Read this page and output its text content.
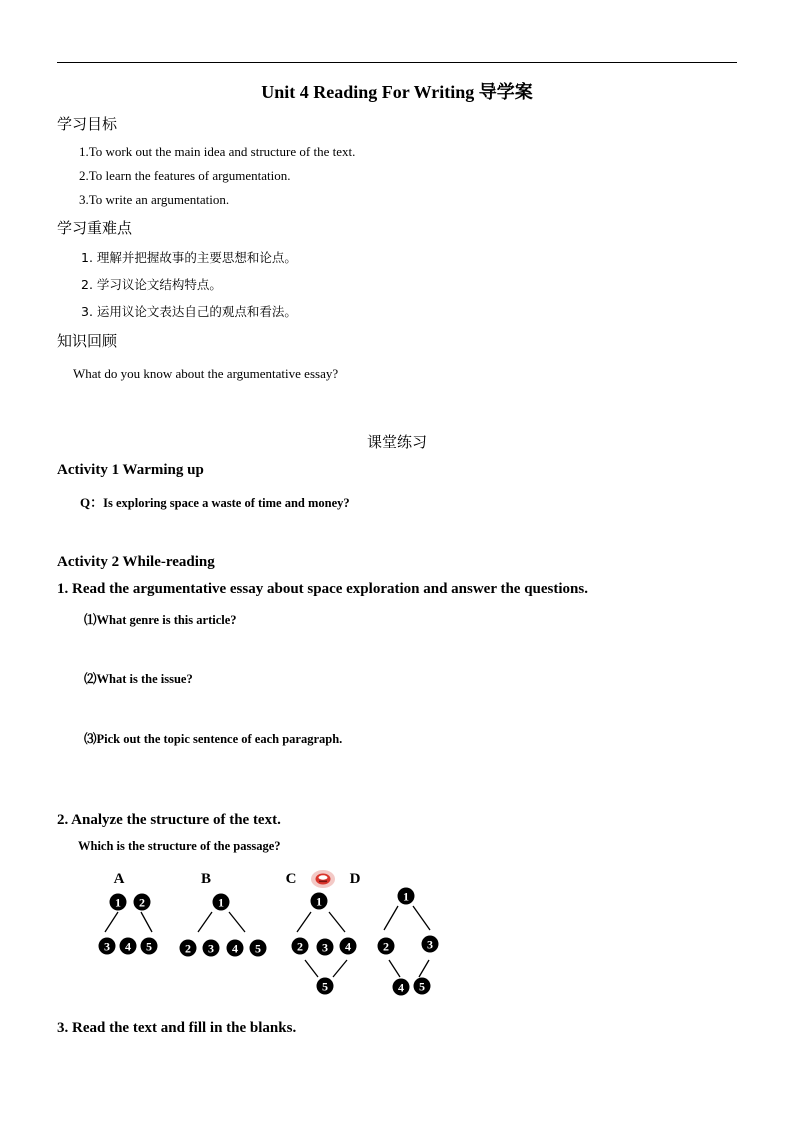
Unit 4 Reading For Writing 导学案
学习目标
1.To work out the main idea and structure of the text.
2.To learn the features of argumentation.
3.To write an argumentation.
学习重难点
1. 理解并把握故事的主要思想和论点。
2. 学习议论文结构特点。
3. 运用议论文表达自己的观点和看法。
知识回顾
What do you know about the argumentative essay?
课堂练习
Activity 1 Warming up
Q：Is exploring space a waste of time and money?
Activity 2 While-reading
1. Read the argumentative essay about space exploration and answer the questions.
⑴What genre is this article?
⑵What is the issue?
⑶Pick out the topic sentence of each paragraph.
2. Analyze the structure of the text.
Which is the structure of the passage?
A	B	C	D
1 2
3 4 5
1
2 3 4 5
1
2 3 4
5
1
2	3
4 5
3. Read the text and fill in the blanks.
